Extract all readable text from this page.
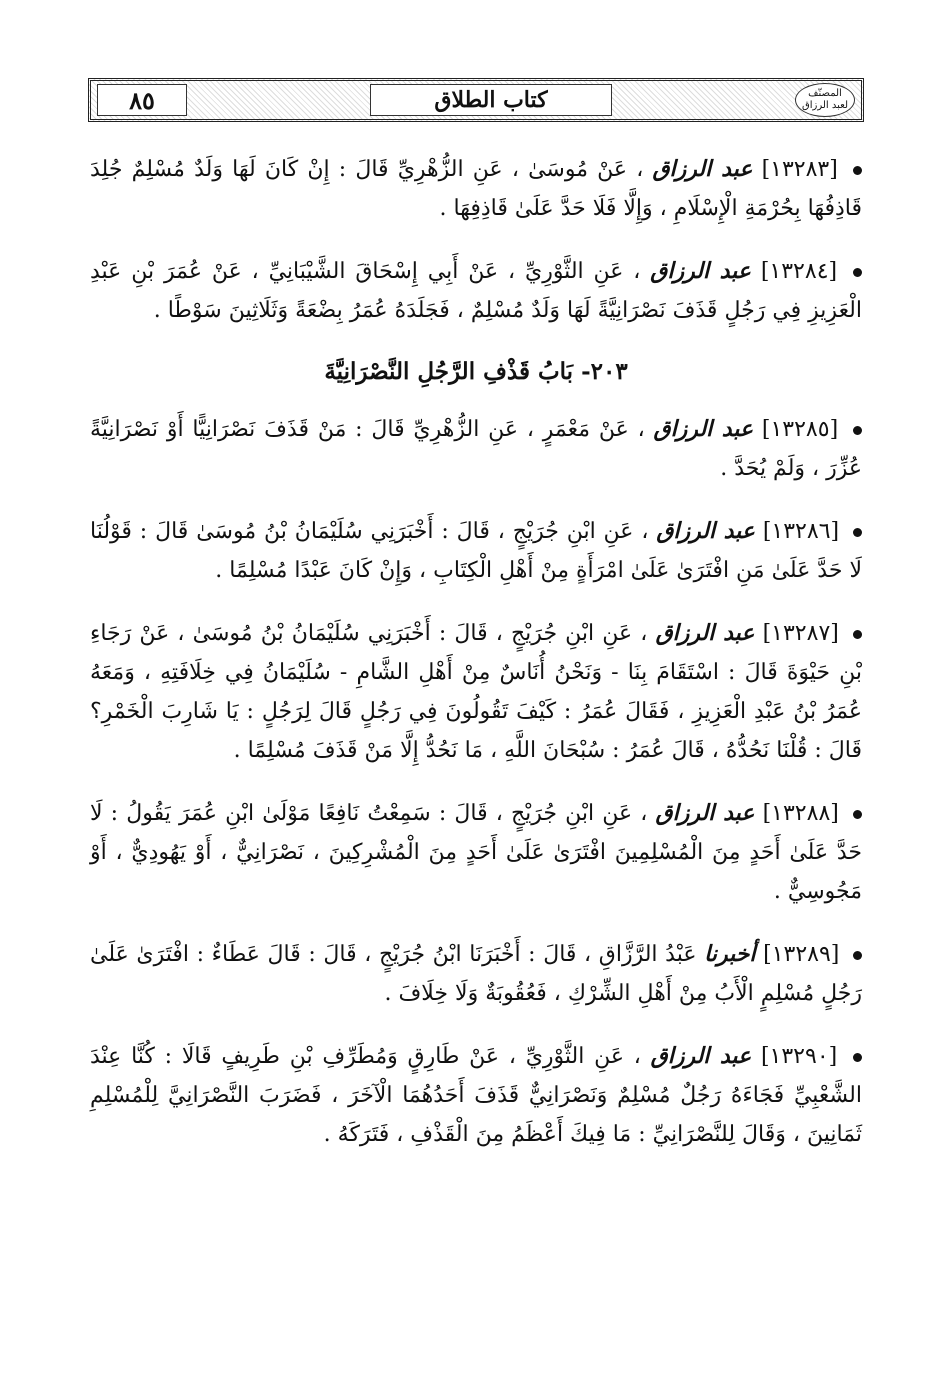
٨٥	كتاب الطلاق	المصنّف
لعبد الرزاق

[١٣٢٨٣] عبد الرزاق ، عَنْ مُوسَىٰ ، عَنِ الزُّهْرِيِّ قَالَ : إِنْ كَانَ لَهَا وَلَدٌ مُسْلِمٌ جُلِدَ قَاذِفُهَا بِحُرْمَةِ الْإِسْلَامِ ، وَإِلَّا فَلَا حَدَّ عَلَىٰ قَاذِفِهَا .

[١٣٢٨٤] عبد الرزاق ، عَنِ الثَّوْرِيِّ ، عَنْ أَبِي إِسْحَاقَ الشَّيْبَانِيِّ ، عَنْ عُمَرَ بْنِ عَبْدِ الْعَزِيزِ فِي رَجُلٍ قَذَفَ نَصْرَانِيَّةً لَهَا وَلَدٌ مُسْلِمٌ ، فَجَلَدَهُ عُمَرُ بِضْعَةً وَثَلَاثِينَ سَوْطًا .

٢٠٣- بَابُ قَذْفِ الرَّجُلِ النَّصْرَانِيَّةَ

[١٣٢٨٥] عبد الرزاق ، عَنْ مَعْمَرٍ ، عَنِ الزُّهْرِيِّ قَالَ : مَنْ قَذَفَ نَصْرَانِيًّا أَوْ نَصْرَانِيَّةً عُزِّرَ ، وَلَمْ يُحَدَّ .

[١٣٢٨٦] عبد الرزاق ، عَنِ ابْنِ جُرَيْجٍ ، قَالَ : أَخْبَرَنِي سُلَيْمَانُ بْنُ مُوسَىٰ قَالَ : قَوْلُنَا لَا حَدَّ عَلَىٰ مَنِ افْتَرَىٰ عَلَىٰ امْرَأَةٍ مِنْ أَهْلِ الْكِتَابِ ، وَإِنْ كَانَ عَبْدًا مُسْلِمًا .

[١٣٢٨٧] عبد الرزاق ، عَنِ ابْنِ جُرَيْجٍ ، قَالَ : أَخْبَرَنِي سُلَيْمَانُ بْنُ مُوسَىٰ ، عَنْ رَجَاءِ بْنِ حَيْوَةَ قَالَ : اسْتَقَامَ بِنَا - وَنَحْنُ أُنَاسٌ مِنْ أَهْلِ الشَّامِ - سُلَيْمَانُ فِي خِلَافَتِهِ ، وَمَعَهُ عُمَرُ بْنُ عَبْدِ الْعَزِيزِ ، فَقَالَ عُمَرُ : كَيْفَ تَقُولُونَ فِي رَجُلٍ قَالَ لِرَجُلٍ : يَا شَارِبَ الْخَمْرِ؟ قَالَ : قُلْنَا نَحُدُّهُ ، قَالَ عُمَرُ : سُبْحَانَ اللَّهِ ، مَا نَحُدُّ إِلَّا مَنْ قَذَفَ مُسْلِمًا .

[١٣٢٨٨] عبد الرزاق ، عَنِ ابْنِ جُرَيْجٍ ، قَالَ : سَمِعْتُ نَافِعًا مَوْلَىٰ ابْنِ عُمَرَ يَقُولُ : لَا حَدَّ عَلَىٰ أَحَدٍ مِنَ الْمُسْلِمِينَ افْتَرَىٰ عَلَىٰ أَحَدٍ مِنَ الْمُشْرِكِينَ ، نَصْرَانِيٌّ ، أَوْ يَهُودِيٌّ ، أَوْ مَجُوسِيٌّ .

[١٣٢٨٩] أخبرنا عَبْدُ الرَّزَّاقِ ، قَالَ : أَخْبَرَنَا ابْنُ جُرَيْجٍ ، قَالَ : قَالَ عَطَاءٌ : افْتَرَىٰ عَلَىٰ رَجُلٍ مُسْلِمٍ الْأَبُ مِنْ أَهْلِ الشِّرْكِ ، فَعُقُوبَةٌ وَلَا خِلَافَ .

[١٣٢٩٠] عبد الرزاق ، عَنِ الثَّوْرِيِّ ، عَنْ طَارِقٍ وَمُطَرِّفِ بْنِ طَرِيفٍ قَالَا : كُنَّا عِنْدَ الشَّعْبِيِّ فَجَاءَهُ رَجُلٌ مُسْلِمٌ وَنَصْرَانِيٌّ قَذَفَ أَحَدُهُمَا الْآخَرَ ، فَضَرَبَ النَّصْرَانِيَّ لِلْمُسْلِمِ ثَمَانِينَ ، وَقَالَ لِلنَّصْرَانِيِّ : مَا فِيكَ أَعْظَمُ مِنَ الْقَذْفِ ، فَتَرَكَهُ .
